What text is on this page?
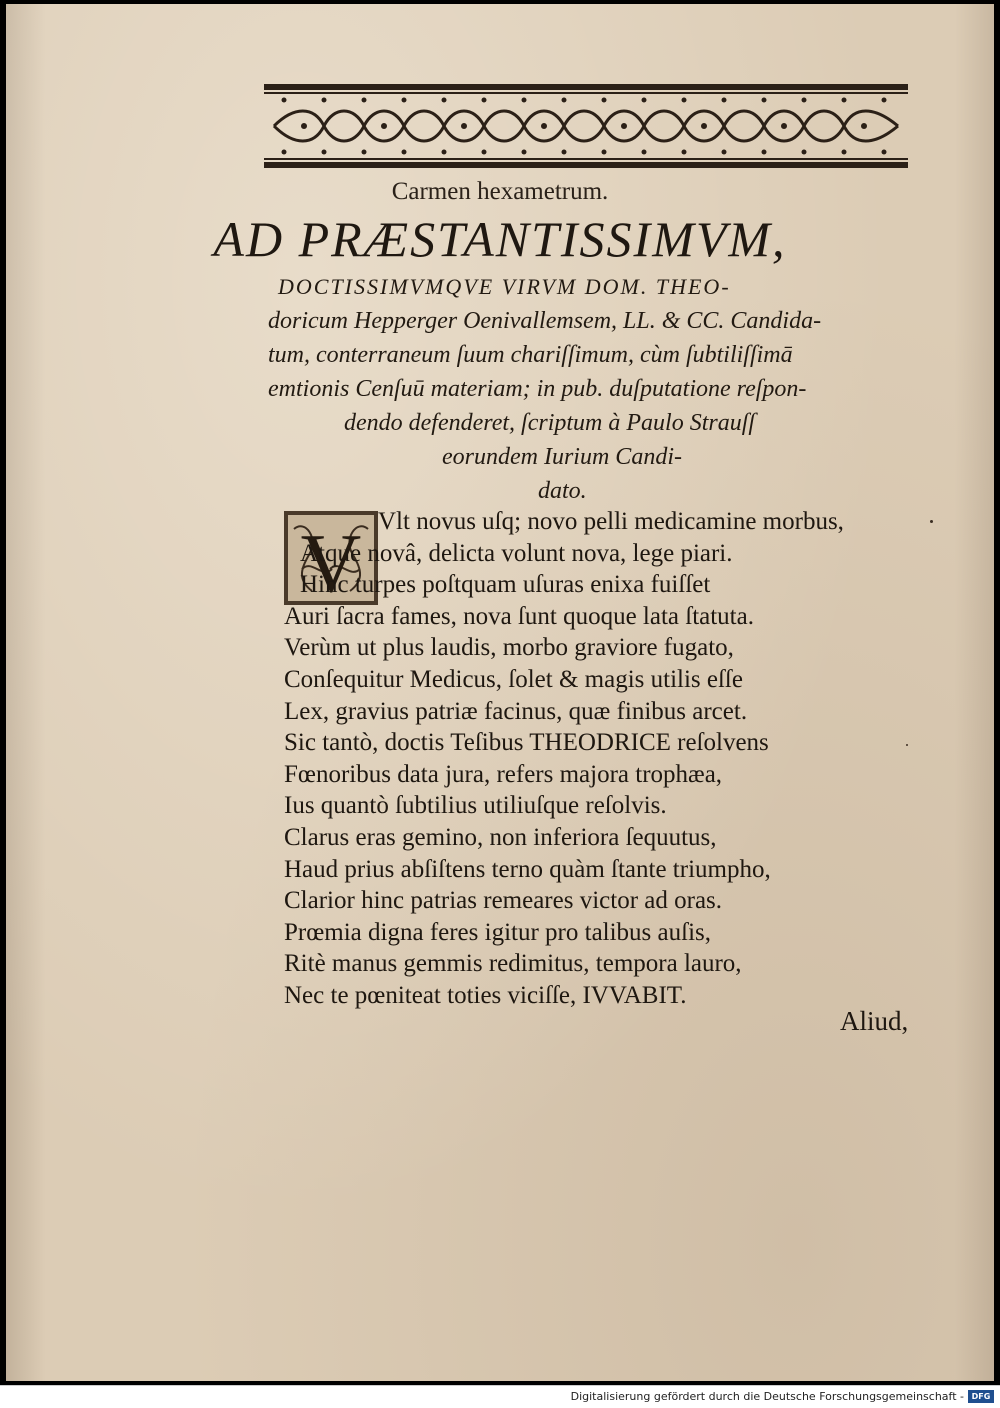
Carmen hexametrum.
AD PRÆSTANTISSIMVM,
DOCTISSIMVMQVE VIRVM DOM. THEO-
doricum Hepperger Oenivallemsem, LL. & CC. Candida-
tum, conterraneum ſuum chariſſimum, cùm ſubtiliſſimā
emtionis Cenſuū materiam; in pub. duſputatione reſpon-
dendo defenderet, ſcriptum à Paulo Strauſſ
eorundem Iurium Candi-
dato.
V Vlt novus uſq; novo pelli medicamine morbus,
Atque novâ, delicta volunt nova, lege piari.
Hinc turpes poſtquam uſuras enixa fuiſſet
Auri ſacra fames, nova ſunt quoque lata ſtatuta.
Verùm ut plus laudis, morbo graviore fugato,
Conſequitur Medicus, ſolet & magis utilis eſſe
Lex, gravius patriæ facinus, quæ finibus arcet.
Sic tantò, doctis Teſibus THEODRICE reſolvens
Fœnoribus data jura, refers majora trophæa,
Ius quantò ſubtilius utiliuſque reſolvis.
Clarus eras gemino, non inferiora ſequutus,
Haud prius abſiſtens terno quàm ſtante triumpho,
Clarior hinc patrias remeares victor ad oras.
Prœmia digna feres igitur pro talibus auſis,
Ritè manus gemmis redimitus, tempora lauro,
Nec te pœniteat toties viciſſe, IVVABIT.
Aliud,
Digitalisierung gefördert durch die Deutsche Forschungsgemeinschaft - DFG
